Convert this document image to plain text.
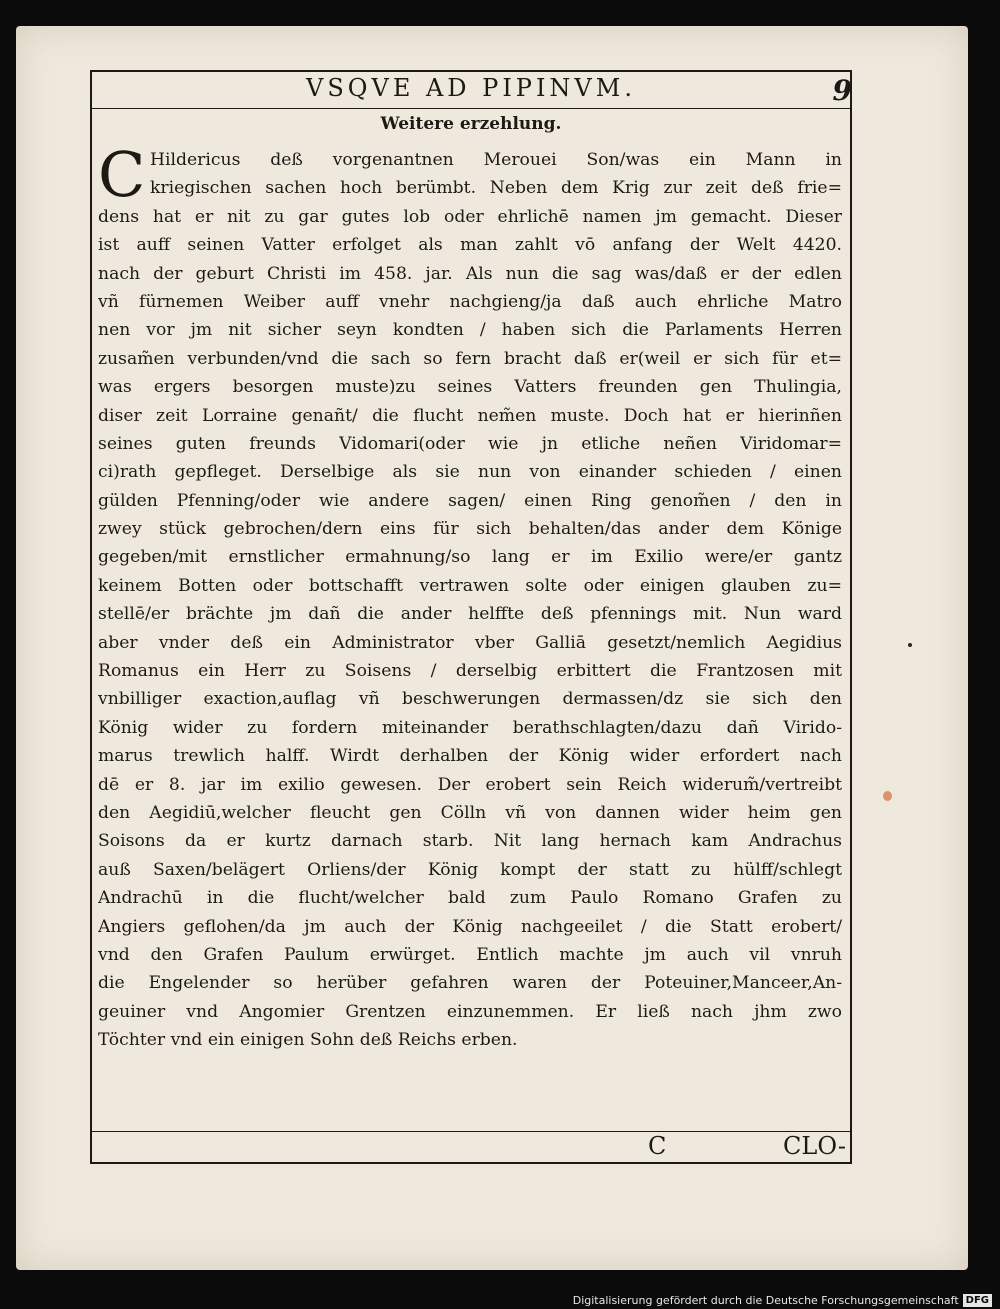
VSQVE AD PIPINVM.	9
Weitere erzehlung.
C Hildericus deß vorgenantnen Merouei Son/was ein Mann in
kriegischen sachen hoch berümbt. Neben dem Krig zur zeit deß frie=
dens hat er nit zu gar gutes lob oder ehrlichē namen jm gemacht. Dieser
ist auff seinen Vatter erfolget als man zahlt vō anfang der Welt 4420.
nach der geburt Christi im 458. jar. Als nun die sag was/daß er der edlen
vñ fürnemen Weiber auff vnehr nachgieng/ja daß auch ehrliche Matro
nen vor jm nit sicher seyn kondten / haben sich die Parlaments Herren
zusam̃en verbunden/vnd die sach so fern bracht daß er(weil er sich für et=
was ergers besorgen muste)zu seines Vatters freunden gen Thulingia,
diser zeit Lorraine genañt/ die flucht nem̃en muste. Doch hat er hierinñen
seines guten freunds Vidomari(oder wie jn etliche neñen Viridomar=
ci)rath gepfleget. Derselbige als sie nun von einander schieden / einen
gülden Pfenning/oder wie andere sagen/ einen Ring genom̃en / den in
zwey stück gebrochen/dern eins für sich behalten/das ander dem Könige
gegeben/mit ernstlicher ermahnung/so lang er im Exilio were/er gantz
keinem Botten oder bottschafft vertrawen solte oder einigen glauben zu=
stellē/er brächte jm dañ die ander helffte deß pfennings mit. Nun ward
aber vnder deß ein Administrator vber Galliā gesetzt/nemlich Aegidius
Romanus ein Herr zu Soisens / derselbig erbittert die Frantzosen mit
vnbilliger exaction,auflag vñ beschwerungen dermassen/dz sie sich den
König wider zu fordern miteinander berathschlagten/dazu dañ Virido-
marus trewlich halff. Wirdt derhalben der König wider erfordert nach
dē er 8. jar im exilio gewesen. Der erobert sein Reich widerum̃/vertreibt
den Aegidiū,welcher fleucht gen Cölln vñ von dannen wider heim gen
Soisons da er kurtz darnach starb. Nit lang hernach kam Andrachus
auß Saxen/belägert Orliens/der König kompt der statt zu hülff/schlegt
Andrachū in die flucht/welcher bald zum Paulo Romano Grafen zu
Angiers geflohen/da jm auch der König nachgeeilet / die Statt erobert/
vnd den Grafen Paulum erwürget. Entlich machte jm auch vil vnruh
die Engelender so herüber gefahren waren der Poteuiner,Manceer,An-
geuiner vnd Angomier Grentzen einzunemmen. Er ließ nach jhm zwo
Töchter vnd ein einigen Sohn deß Reichs erben.
C	CLO-
Digitalisierung gefördert durch die Deutsche Forschungsgemeinschaft DFG
